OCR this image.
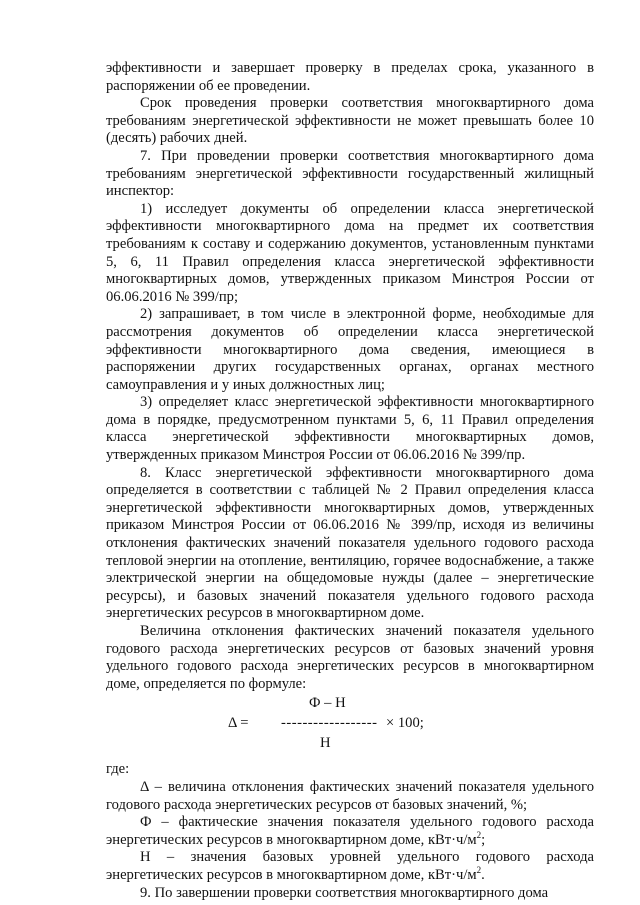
эффективности и завершает проверку в пределах срока, указанного в распоряжении об ее проведении.

Срок проведения проверки соответствия многоквартирного дома требованиям энергетической эффективности не может превышать более 10 (десять) рабочих дней.

7. При проведении проверки соответствия многоквартирного дома требованиям энергетической эффективности государственный жилищный инспектор:

1) исследует документы об определении класса энергетической эффективности многоквартирного дома на предмет их соответствия требованиям к составу и содержанию документов, установленным пунктами 5, 6, 11 Правил определения класса энергетической эффективности многоквартирных домов, утвержденных приказом Минстроя России от 06.06.2016 № 399/пр;

2) запрашивает, в том числе в электронной форме, необходимые для рассмотрения документов об определении класса энергетической эффективности многоквартирного дома сведения, имеющиеся в распоряжении других государственных органах, органах местного самоуправления и у иных должностных лиц;

3) определяет класс энергетической эффективности многоквартирного дома в порядке, предусмотренном пунктами 5, 6, 11 Правил определения класса энергетической эффективности многоквартирных домов, утвержденных приказом Минстроя России от 06.06.2016 № 399/пр.

8. Класс энергетической эффективности многоквартирного дома определяется в соответствии с таблицей № 2 Правил определения класса энергетической эффективности многоквартирных домов, утвержденных приказом Минстроя России от 06.06.2016 № 399/пр, исходя из величины отклонения фактических значений показателя удельного годового расхода тепловой энергии на отопление, вентиляцию, горячее водоснабжение, а также электрической энергии на общедомовые нужды (далее – энергетические ресурсы), и базовых значений показателя удельного годового расхода энергетических ресурсов в многоквартирном доме.

Величина отклонения фактических значений показателя удельного годового расхода энергетических ресурсов от базовых значений уровня удельного годового расхода энергетических ресурсов в многоквартирном доме, определяется по формуле:

Ф – Н
Δ = ------------------ × 100;
Н

где:

Δ – величина отклонения фактических значений показателя удельного годового расхода энергетических ресурсов от базовых значений, %;

Ф – фактические значения показателя удельного годового расхода энергетических ресурсов в многоквартирном доме, $кВт\cdot ч/м^2$;

Н – значения базовых уровней удельного годового расхода энергетических ресурсов в многоквартирном доме, $кВт\cdot ч/м^2$.

9. По завершении проверки соответствия многоквартирного дома
